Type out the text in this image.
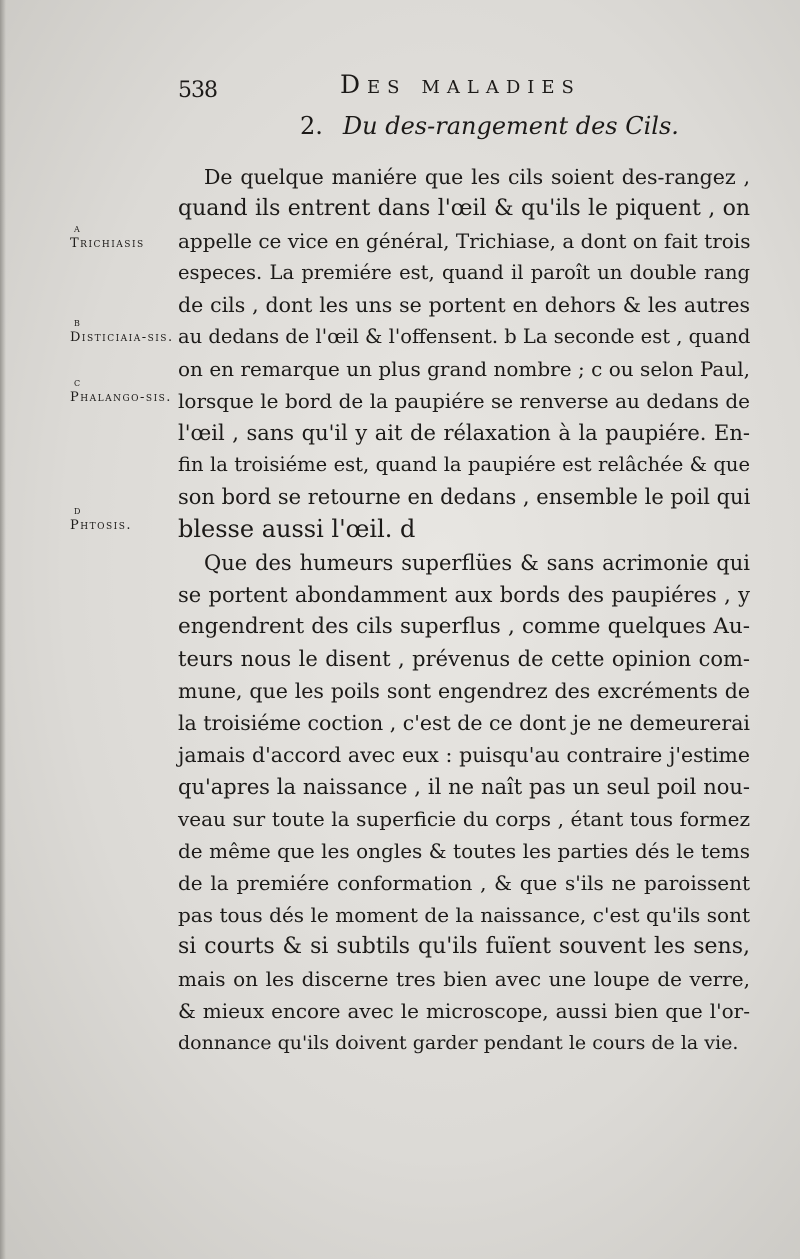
538	Des maladies
2. Du des-rangement des Cils.
a
Trichiasis
b
Disticiaia-sis.
c
Phalango-sis.
d
Phtosis.
De quelque maniére que les cils soient des-rangez ,
quand ils entrent dans l'œil & qu'ils le piquent , on
appelle ce vice en général, Trichiase, a dont on fait trois
especes. La premiére est, quand il paroît un double rang
de cils , dont les uns se portent en dehors & les autres
au dedans de l'œil & l'offensent. b La seconde est , quand
on en remarque un plus grand nombre ; c ou selon Paul,
lorsque le bord de la paupiére se renverse au dedans de
l'œil , sans qu'il y ait de rélaxation à la paupiére. En-
fin la troisiéme est, quand la paupiére est relâchée & que
son bord se retourne en dedans , ensemble le poil qui
blesse aussi l'œil. d
Que des humeurs superflües & sans acrimonie qui
se portent abondamment aux bords des paupiéres , y
engendrent des cils superflus , comme quelques Au-
teurs nous le disent , prévenus de cette opinion com-
mune, que les poils sont engendrez des excréments de
la troisiéme coction , c'est de ce dont je ne demeurerai
jamais d'accord avec eux : puisqu'au contraire j'estime
qu'apres la naissance , il ne naît pas un seul poil nou-
veau sur toute la superficie du corps , étant tous formez
de même que les ongles & toutes les parties dés le tems
de la premiére conformation , & que s'ils ne paroissent
pas tous dés le moment de la naissance, c'est qu'ils sont
si courts & si subtils qu'ils fuïent souvent les sens,
mais on les discerne tres bien avec une loupe de verre,
& mieux encore avec le microscope, aussi bien que l'or-
donnance qu'ils doivent garder pendant le cours de la vie.
